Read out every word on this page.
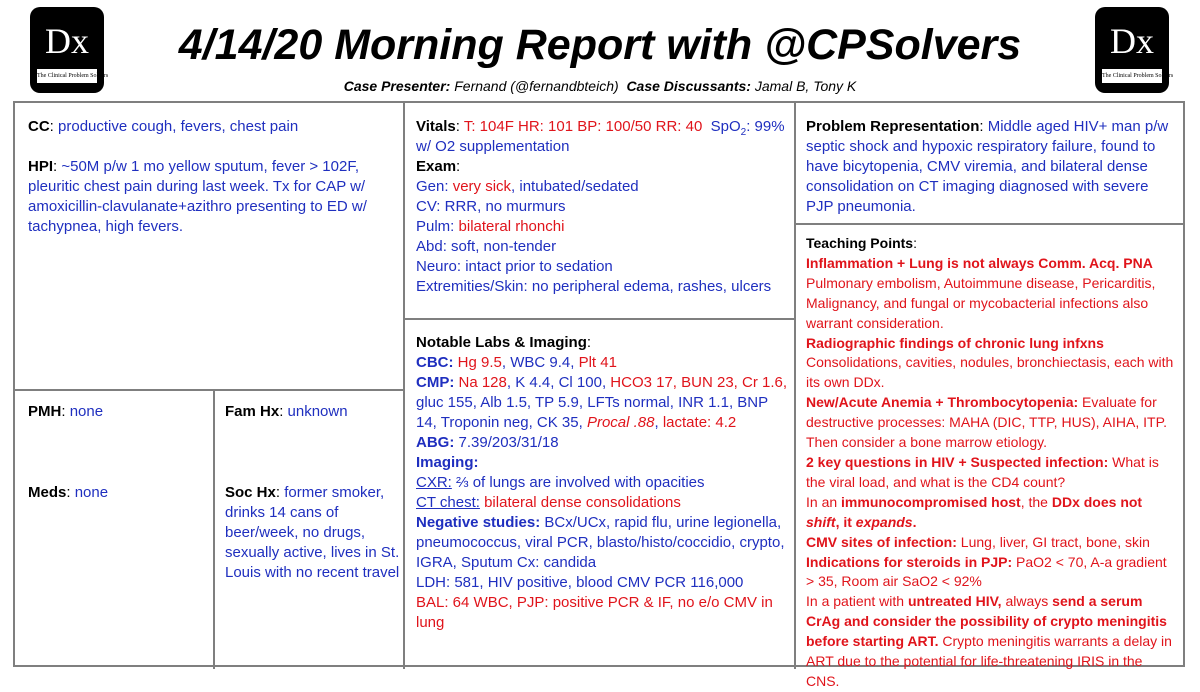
Dx
The Clinical Problem Solvers
Dx
The Clinical Problem Solvers
4/14/20 Morning Report with @CPSolvers
Case Presenter: Fernand (@fernandbteich) Case Discussants: Jamal B, Tony K
CC: productive cough, fevers, chest pain
HPI: ~50M p/w 1 mo yellow sputum, fever > 102F, pleuritic chest pain during last week. Tx for CAP w/ amoxicillin-clavulanate+azithro presenting to ED w/ tachypnea, high fevers.
PMH: none
Meds: none
Fam Hx: unknown
Soc Hx: former smoker, drinks 14 cans of beer/week, no drugs, sexually active, lives in St. Louis with no recent travel
Vitals: T: 104F HR: 101 BP: 100/50 RR: 40 SpO$_2$: 99% w/ O2 supplementation
Exam:
Gen: very sick, intubated/sedated
CV: RRR, no murmurs
Pulm: bilateral rhonchi
Abd: soft, non-tender
Neuro: intact prior to sedation
Extremities/Skin: no peripheral edema, rashes, ulcers
Notable Labs & Imaging:
CBC: Hg 9.5, WBC 9.4, Plt 41
CMP: Na 128, K 4.4, Cl 100, HCO3 17, BUN 23, Cr 1.6, gluc 155, Alb 1.5, TP 5.9, LFTs normal, INR 1.1, BNP 14, Troponin neg, CK 35, Procal .88, lactate: 4.2
ABG: 7.39/203/31/18
Imaging:
CXR: ⅔ of lungs are involved with opacities
CT chest: bilateral dense consolidations
Negative studies: BCx/UCx, rapid flu, urine legionella, pneumococcus, viral PCR, blasto/histo/coccidio, crypto, IGRA, Sputum Cx: candida
LDH: 581, HIV positive, blood CMV PCR 116,000
BAL: 64 WBC, PJP: positive PCR & IF, no e/o CMV in lung
Problem Representation: Middle aged HIV+ man p/w septic shock and hypoxic respiratory failure, found to have bicytopenia, CMV viremia, and bilateral dense consolidation on CT imaging diagnosed with severe PJP pneumonia.
Teaching Points:
Inflammation + Lung is not always Comm. Acq. PNA
Pulmonary embolism, Autoimmune disease, Pericarditis, Malignancy, and fungal or mycobacterial infections also warrant consideration.
Radiographic findings of chronic lung infxns
Consolidations, cavities, nodules, bronchiectasis, each with its own DDx.
New/Acute Anemia + Thrombocytopenia: Evaluate for destructive processes: MAHA (DIC, TTP, HUS), AIHA, ITP. Then consider a bone marrow etiology.
2 key questions in HIV + Suspected infection: What is the viral load, and what is the CD4 count?
In an immunocompromised host, the DDx does not shift, it expands.
CMV sites of infection: Lung, liver, GI tract, bone, skin
Indications for steroids in PJP: PaO2 < 70, A-a gradient > 35, Room air SaO2 < 92%
In a patient with untreated HIV, always send a serum CrAg and consider the possibility of crypto meningitis before starting ART. Crypto meningitis warrants a delay in ART due to the potential for life-threatening IRIS in the CNS.
